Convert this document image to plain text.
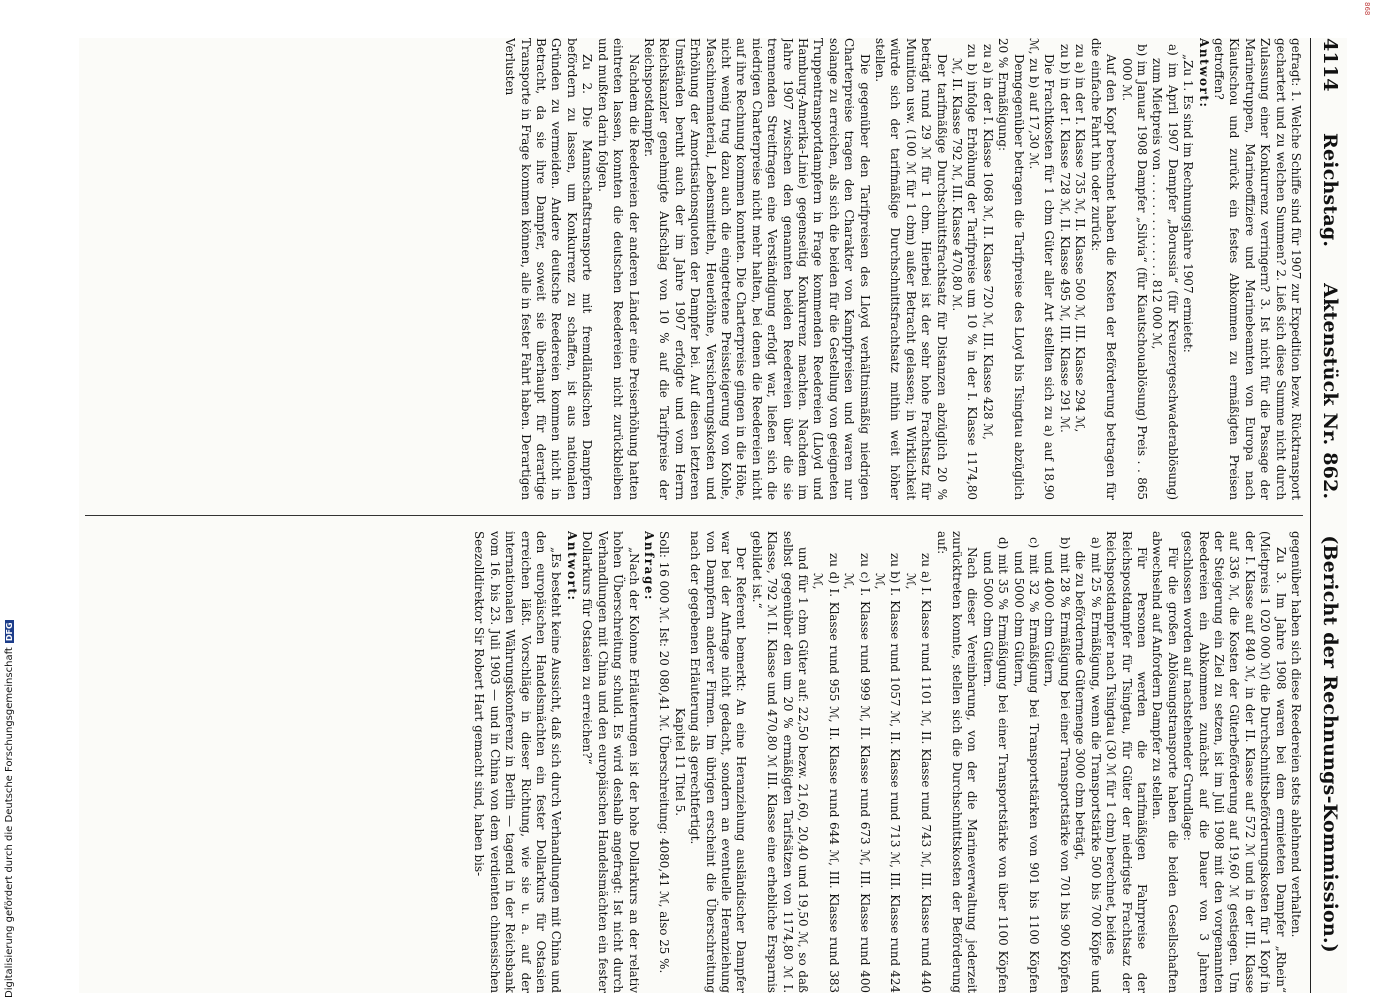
868
Digitalisierung gefördert durch die Deutsche ForschungsgemeinschaftDFG
4114
Reichstag.Aktenstück Nr. 862.(Bericht der Rechnungs-Kommission.)

gefragt: 1. Welche Schiffe sind für 1907 zur Expedition bezw. Rücktransport gechartert und zu welchen Summen? 2. Ließ sich diese Summe nicht durch Zulassung einer Konkurrenz verringern? 3. Ist nicht für die Passage der Marinetruppen, Marineoffiziere und Marinebeamten von Europa nach Kiautschou und zurück ein festes Abkommen zu ermäßigten Preisen getroffen?

Antwort:

„Zu 1. Es sind im Rechnungsjahre 1907 ermietet:

a) im April 1907 Dampfer „Borussia“ (für Kreuzergeschwaderablösung) zum Mietpreis von . . . . . . . . . . . . . . 812 000 ℳ,

b) im Januar 1908 Dampfer „Silvia“ (für Kiautschouablösung) Preis . . 865 000 ℳ.

Auf den Kopf berechnet haben die Kosten der Beförderung betragen für die einfache Fahrt hin oder zurück:

zu a) in der I. Klasse 735 ℳ, II. Klasse 500 ℳ, III. Klasse 294 ℳ,

zu b) in der I. Klasse 728 ℳ, II. Klasse 495 ℳ, III. Klasse 291 ℳ.

Die Frachtkosten für 1 cbm Güter aller Art stellten sich zu a) auf 18,90 ℳ, zu b) auf 17,30 ℳ.

Demgegenüber betragen die Tarifpreise des Lloyd bis Tsingtau abzüglich 20 % Ermäßigung:

zu a) in der I. Klasse 1068 ℳ, II. Klasse 720 ℳ, III. Klasse 428 ℳ,

zu b) infolge Erhöhung der Tarifpreise um 10 % in der I. Klasse 1174,80 ℳ, II. Klasse 792 ℳ, III. Klasse 470,80 ℳ.

Der tarifmäßige Durchschnittsfrachtsatz für Distanzen abzüglich 20 % beträgt rund 29 ℳ für 1 cbm. Hierbei ist der sehr hohe Frachtsatz für Munition usw. (100 ℳ für 1 cbm) außer Betracht gelassen; in Wirklichkeit würde sich der tarifmäßige Durchschnittsfrachtsatz mithin weit höher stellen.

Die gegenüber den Tarifpreisen des Lloyd verhältnismäßig niedrigen Charterpreise tragen den Charakter von Kampfpreisen und waren nur solange zu erreichen, als sich die beiden für die Gestellung von geeigneten Truppentransportdampfern in Frage kommenden Reedereien (Lloyd und Hamburg-Amerika-Linie) gegenseitig Konkurrenz machten. Nachdem im Jahre 1907 zwischen den genannten beiden Reedereien über die sie trennenden Streitfragen eine Verständigung erfolgt war, ließen sich die niedrigen Charterpreise nicht mehr halten, bei denen die Reedereien nicht auf ihre Rechnung kommen konnten. Die Charterpreise gingen in die Höhe, nicht wenig trug dazu auch die eingetretene Preissteigerung von Kohle, Maschinenmaterial, Lebensmitteln, Heuerlöhne, Versicherungskosten und Erhöhung der Amortisationsquoten der Dampfer bei. Auf diesen letzteren Umständen beruht auch der im Jahre 1907 erfolgte und vom Herrn Reichskanzler genehmigte Aufschlag von 10 % auf die Tarifpreise der Reichspostdampfer.

Nachdem die Reedereien der anderen Länder eine Preiserhöhung hatten eintreten lassen, konnten die deutschen Reedereien nicht zurückbleiben und mußten darin folgen.

Zu 2. Die Mannschaftstransporte mit fremdländischen Dampfern befördern zu lassen, um Konkurrenz zu schaffen, ist aus nationalen Gründen zu vermeiden. Andere deutsche Reedereien kommen nicht in Betracht, da sie ihre Dampfer, soweit sie überhaupt für derartige Transporte in Frage kommen können, alle in fester Fahrt haben. Derartigen Verlusten

gegenüber haben sich diese Reedereien stets ablehnend verhalten.

Zu 3. Im Jahre 1908 waren bei dem ermieteten Dampfer „Rhein“ (Mietpreis 1 020 000 ℳ) die Durchschnittsbeförderungskosten für 1 Kopf in der I. Klasse auf 840 ℳ, in der II. Klasse auf 572 ℳ und in der III. Klasse auf 336 ℳ, die Kosten der Güterbeförderung auf 19,60 ℳ gestiegen. Um der Steigerung ein Ziel zu setzen, ist im Juli 1908 mit den vorgenannten Reedereien ein Abkommen zunächst auf die Dauer von 3 Jahren geschlossen worden auf nachstehender Grundlage:

Für die großen Ablösungstransporte haben die beiden Gesellschaften abwechselnd auf Anfordern Dampfer zu stellen.

Für Personen werden die tarifmäßigen Fahrpreise der Reichspostdampfer für Tsingtau, für Güter der niedrigste Frachtsatz der Reichspostdampfer nach Tsingtau (30 ℳ für 1 cbm) berechnet, beides

a) mit 25 % Ermäßigung, wenn die Transportstärke 500 bis 700 Köpfe und die zu befördernde Gütermenge 3000 cbm beträgt,

b) mit 28 % Ermäßigung bei einer Transportstärke von 701 bis 900 Köpfen und 4000 cbm Gütern,

c) mit 32 % Ermäßigung bei Transportstärken von 901 bis 1100 Köpfen und 5000 cbm Gütern,

d) mit 35 % Ermäßigung bei einer Transportstärke von über 1100 Köpfen und 5000 cbm Gütern.

Nach dieser Vereinbarung, von der die Marineverwaltung jederzeit zurücktreten konnte, stellen sich die Durchschnittskosten der Beförderung auf:

zu a) I. Klasse rund 1101 ℳ, II. Klasse rund 743 ℳ, III. Klasse rund 440 ℳ,

zu b) I. Klasse rund 1057 ℳ, II. Klasse rund 713 ℳ, III. Klasse rund 424 ℳ,

zu c) I. Klasse rund 999 ℳ, II. Klasse rund 673 ℳ, III. Klasse rund 400 ℳ,

zu d) I. Klasse rund 955 ℳ, II. Klasse rund 644 ℳ, III. Klasse rund 383 ℳ,

und für 1 cbm Güter auf: 22,50 bezw. 21,60, 20,40 und 19,50 ℳ, so daß selbst gegenüber den um 20 % ermäßigten Tarifsätzen von 1174,80 ℳ I. Klasse, 792 ℳ II. Klasse und 470,80 ℳ III. Klasse eine erhebliche Ersparnis gebildet ist.“

Der Referent bemerkt: An eine Heranziehung ausländischer Dampfer war bei der Anfrage nicht gedacht, sondern an eventuelle Heranziehung von Dampfern anderer Firmen. Im übrigen erscheint die Überschreitung nach der gegebenen Erläuterung als gerechtfertigt.

Kapitel 11 Titel 5.

Soll: 16 000 ℳ. Ist: 20 080,41 ℳ. Überschreitung: 4080,41 ℳ, also 25 %.

Anfrage:

„Nach der Kolonne Erläuterungen ist der hohe Dollarkurs an der relativ hohen Überschreitung schuld. Es wird deshalb angefragt: Ist nicht durch Verhandlungen mit China und den europäischen Handelsmächten ein fester Dollarkurs für Ostasien zu erreichen?“

Antwort:

„Es besteht keine Aussicht, daß sich durch Verhandlungen mit China und den europäischen Handelsmächten ein fester Dollarkurs für Ostasien erreichen läßt. Vorschläge in dieser Richtung, wie sie u. a. auf der internationalen Währungskonferenz in Berlin — tagend in der Reichsbank vom 16. bis 23. Juli 1903 — und in China von dem verdienten chinesischen Seezolldirektor Sir Robert Hart gemacht sind, haben bis-
